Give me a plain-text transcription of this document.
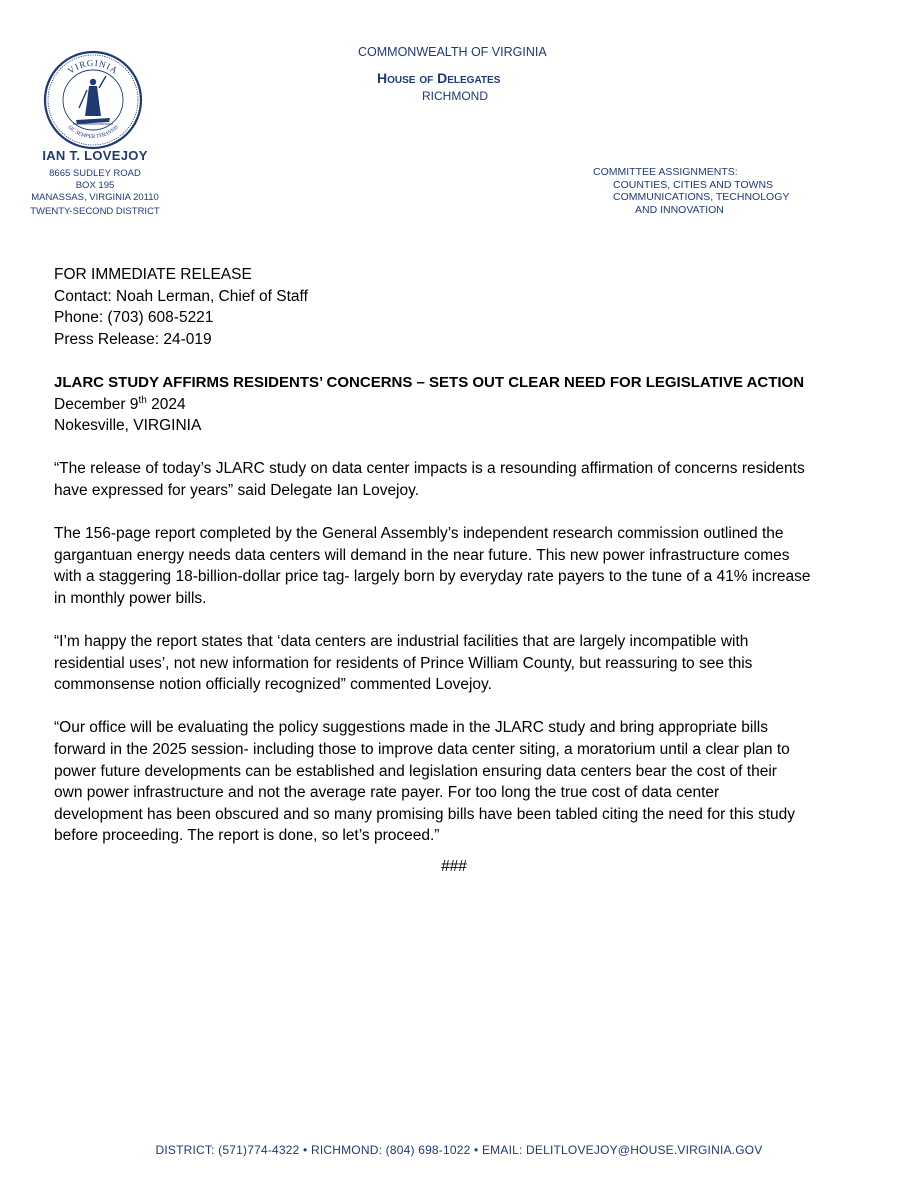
VIRGINIA
SIC SEMPER TYRANNIS
IAN T. LOVEJOY
8665 SUDLEY ROAD
BOX 195
MANASSAS, VIRGINIA 20110
TWENTY-SECOND DISTRICT
COMMONWEALTH OF VIRGINIA
House of Delegates
RICHMOND
COMMITTEE ASSIGNMENTS:
COUNTIES, CITIES AND TOWNS
COMMUNICATIONS, TECHNOLOGY
AND INNOVATION
FOR IMMEDIATE RELEASE
Contact: Noah Lerman, Chief of Staff
Phone: (703) 608-5221
Press Release: 24-019
JLARC STUDY AFFIRMS RESIDENTS’ CONCERNS – SETS OUT CLEAR NEED FOR LEGISLATIVE ACTION
December 9th 2024
Nokesville, VIRGINIA
“The release of today’s JLARC study on data center impacts is a resounding affirmation of concerns residents
have expressed for years” said Delegate Ian Lovejoy.
The 156-page report completed by the General Assembly’s independent research commission outlined the
gargantuan energy needs data centers will demand in the near future. This new power infrastructure comes
with a staggering 18-billion-dollar price tag- largely born by everyday rate payers to the tune of a 41% increase
in monthly power bills.
“I’m happy the report states that ‘data centers are industrial facilities that are largely incompatible with
residential uses’, not new information for residents of Prince William County, but reassuring to see this
commonsense notion officially recognized” commented Lovejoy.
“Our office will be evaluating the policy suggestions made in the JLARC study and bring appropriate bills
forward in the 2025 session- including those to improve data center siting, a moratorium until a clear plan to
power future developments can be established and legislation ensuring data centers bear the cost of their
own power infrastructure and not the average rate payer. For too long the true cost of data center
development has been obscured and so many promising bills have been tabled citing the need for this study
before proceeding. The report is done, so let’s proceed.”
###
DISTRICT: (571)774-4322 • RICHMOND: (804) 698-1022 • EMAIL: DELITLOVEJOY@HOUSE.VIRGINIA.GOV
